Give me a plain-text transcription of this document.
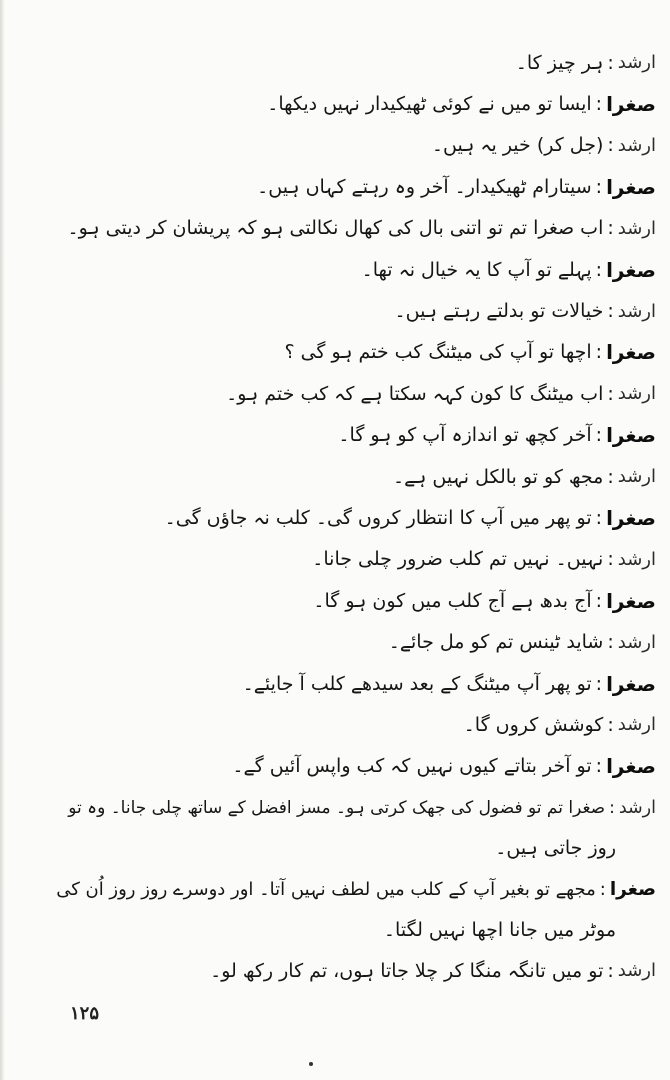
ارشد
:
ہر چیز کا۔
صغرا
:
ایسا تو میں نے کوئی ٹھیکیدار نہیں دیکھا۔
ارشد
:
(جل کر) خیر یہ ہیں۔
صغرا
:
سیتارام ٹھیکیدار۔ آخر وہ رہتے کہاں ہیں۔
ارشد
:
اب صغرا تم تو اتنی بال کی کھال نکالتی ہو کہ پریشان کر دیتی ہو۔
صغرا
:
پہلے تو آپ کا یہ خیال نہ تھا۔
ارشد
:
خیالات تو بدلتے رہتے ہیں۔
صغرا
:
اچھا تو آپ کی میٹنگ کب ختم ہو گی ؟
ارشد
:
اب میٹنگ کا کون کہہ سکتا ہے کہ کب ختم ہو۔
صغرا
:
آخر کچھ تو اندازہ آپ کو ہو گا۔
ارشد
:
مجھ کو تو بالکل نہیں ہے۔
صغرا
:
تو پھر میں آپ کا انتظار کروں گی۔ کلب نہ جاؤں گی۔
ارشد
:
نہیں۔ نہیں تم کلب ضرور چلی جانا۔
صغرا
:
آج بدھ ہے آج کلب میں کون ہو گا۔
ارشد
:
شاید ٹینس تم کو مل جائے۔
صغرا
:
تو پھر آپ میٹنگ کے بعد سیدھے کلب آ جایئے۔
ارشد
:
کوشش کروں گا۔
صغرا
:
تو آخر بتاتے کیوں نہیں کہ کب واپس آئیں گے۔
ارشد
:
صغرا تم تو فضول کی جھک کرتی ہو۔ مسز افضل کے ساتھ چلی جانا۔ وہ تو
روز جاتی ہیں۔
صغرا
:
مجھے تو بغیر آپ کے کلب میں لطف نہیں آتا۔ اور دوسرے روز روز اُن کی
موٹر میں جانا اچھا نہیں لگتا۔
ارشد
:
تو میں تانگہ منگا کر چلا جاتا ہوں، تم کار رکھ لو۔
۱۲۵
